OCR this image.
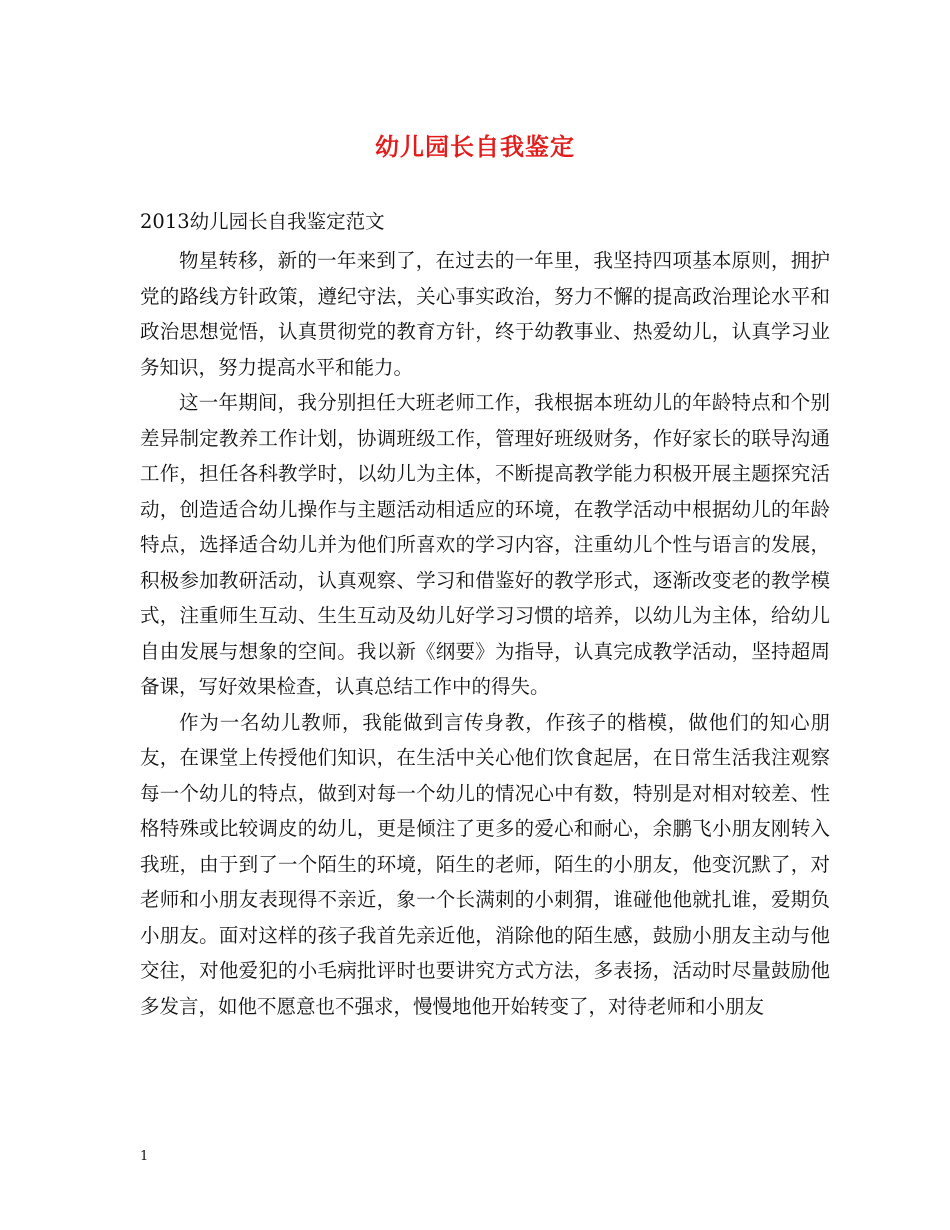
幼儿园长自我鉴定
2013幼儿园长自我鉴定范文

物星转移，新的一年来到了，在过去的一年里，我坚持四项基本原则，拥护党的路线方针政策，遵纪守法，关心事实政治，努力不懈的提高政治理论水平和政治思想觉悟，认真贯彻党的教育方针，终于幼教事业、热爱幼儿，认真学习业务知识，努力提高水平和能力。

这一年期间，我分别担任大班老师工作，我根据本班幼儿的年龄特点和个别差异制定教养工作计划，协调班级工作，管理好班级财务，作好家长的联导沟通工作，担任各科教学时，以幼儿为主体，不断提高教学能力积极开展主题探究活动，创造适合幼儿操作与主题活动相适应的环境，在教学活动中根据幼儿的年龄特点，选择适合幼儿并为他们所喜欢的学习内容，注重幼儿个性与语言的发展，积极参加教研活动，认真观察、学习和借鉴好的教学形式，逐渐改变老的教学模式，注重师生互动、生生互动及幼儿好学习习惯的培养，以幼儿为主体，给幼儿自由发展与想象的空间。我以新《纲要》为指导，认真完成教学活动，坚持超周备课，写好效果检查，认真总结工作中的得失。

作为一名幼儿教师，我能做到言传身教，作孩子的楷模，做他们的知心朋友，在课堂上传授他们知识，在生活中关心他们饮食起居，在日常生活我注观察每一个幼儿的特点，做到对每一个幼儿的情况心中有数，特别是对相对较差、性格特殊或比较调皮的幼儿，更是倾注了更多的爱心和耐心，余鹏飞小朋友刚转入我班，由于到了一个陌生的环境，陌生的老师，陌生的小朋友，他变沉默了，对老师和小朋友表现得不亲近，象一个长满刺的小刺猬，谁碰他他就扎谁，爱期负小朋友。面对这样的孩子我首先亲近他，消除他的陌生感，鼓励小朋友主动与他交往，对他爱犯的小毛病批评时也要讲究方式方法，多表扬，活动时尽量鼓励他多发言，如他不愿意也不强求，慢慢地他开始转变了，对待老师和小朋友

1
